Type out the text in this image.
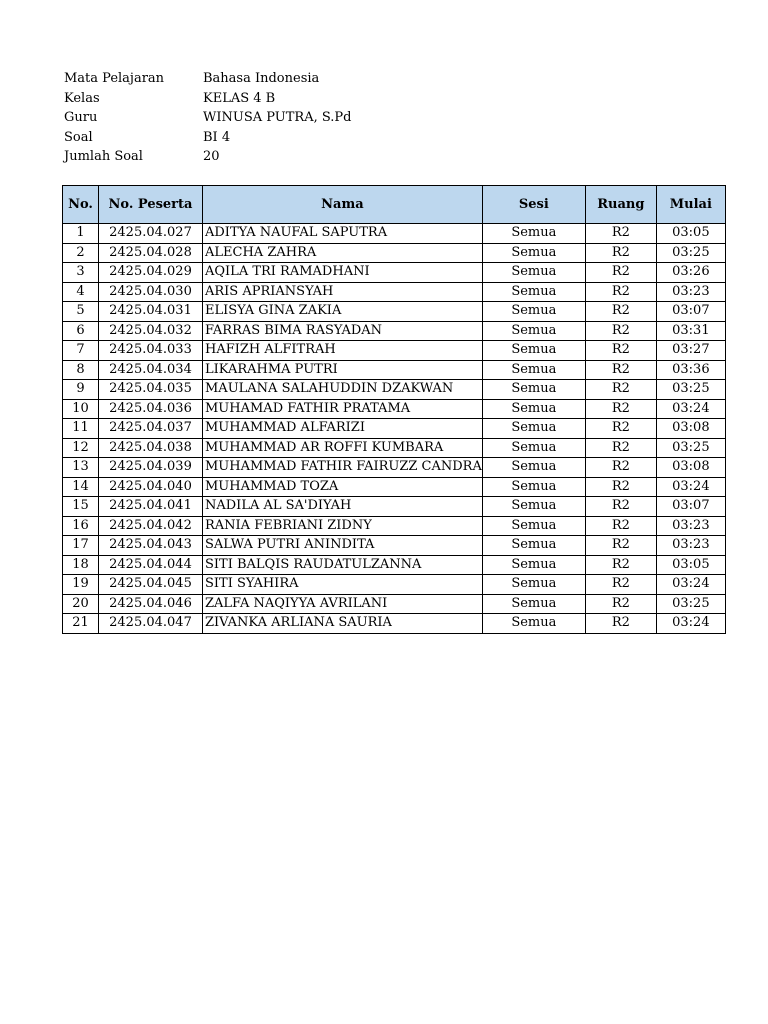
Mata Pelajaran	Bahasa Indonesia
Kelas	KELAS 4 B
Guru	WINUSA PUTRA, S.Pd
Soal	BI 4
Jumlah Soal	20
No.	No. Peserta	Nama	Sesi	Ruang	Mulai
1	2425.04.027	ADITYA NAUFAL SAPUTRA	Semua	R2	03:05
2	2425.04.028	ALECHA ZAHRA	Semua	R2	03:25
3	2425.04.029	AQILA TRI RAMADHANI	Semua	R2	03:26
4	2425.04.030	ARIS APRIANSYAH	Semua	R2	03:23
5	2425.04.031	ELISYA GINA ZAKIA	Semua	R2	03:07
6	2425.04.032	FARRAS BIMA RASYADAN	Semua	R2	03:31
7	2425.04.033	HAFIZH ALFITRAH	Semua	R2	03:27
8	2425.04.034	LIKARAHMA PUTRI	Semua	R2	03:36
9	2425.04.035	MAULANA SALAHUDDIN DZAKWAN	Semua	R2	03:25
10	2425.04.036	MUHAMAD FATHIR PRATAMA	Semua	R2	03:24
11	2425.04.037	MUHAMMAD ALFARIZI	Semua	R2	03:08
12	2425.04.038	MUHAMMAD AR ROFFI KUMBARA	Semua	R2	03:25
13	2425.04.039	MUHAMMAD FATHIR FAIRUZZ CANDRA	Semua	R2	03:08
14	2425.04.040	MUHAMMAD TOZA	Semua	R2	03:24
15	2425.04.041	NADILA AL SA'DIYAH	Semua	R2	03:07
16	2425.04.042	RANIA FEBRIANI ZIDNY	Semua	R2	03:23
17	2425.04.043	SALWA PUTRI ANINDITA	Semua	R2	03:23
18	2425.04.044	SITI BALQIS RAUDATULZANNA	Semua	R2	03:05
19	2425.04.045	SITI SYAHIRA	Semua	R2	03:24
20	2425.04.046	ZALFA NAQIYYA AVRILANI	Semua	R2	03:25
21	2425.04.047	ZIVANKA ARLIANA SAURIA	Semua	R2	03:24
